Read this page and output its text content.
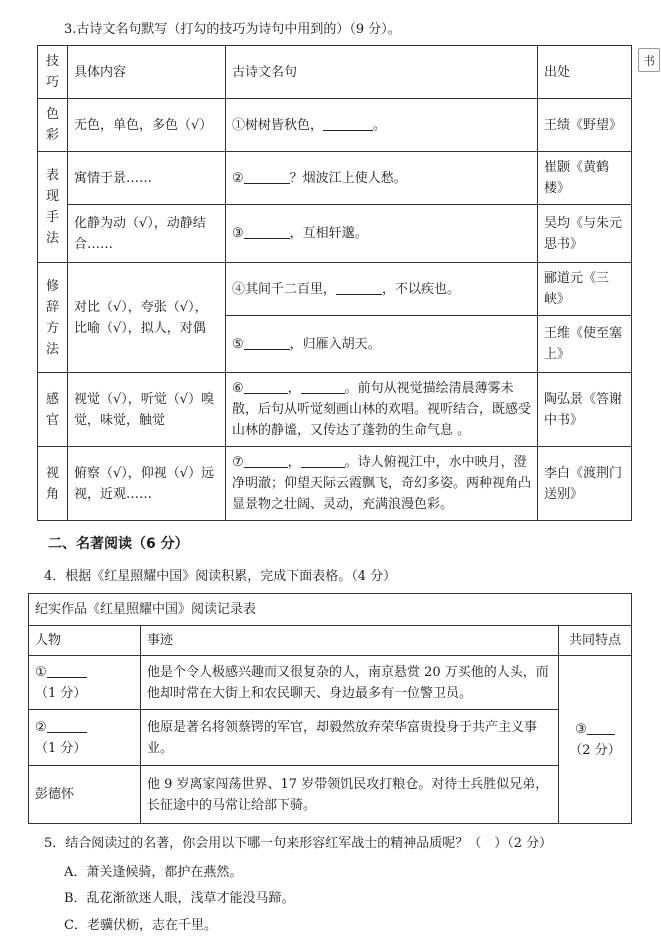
3.古诗文名句默写（打勾的技巧为诗句中用到的）（9 分）。
书
技巧	具体内容	古诗文名句	出处
色彩	无色，单色，多色（√）	①树树皆秋色， 。	王绩《野望》
表现手法	寓情于景……	② ？烟波江上使人愁。	崔颢《黄鹤楼》
	化静为动（√），动静结合……	③ ，互相轩邈。	吴均《与朱元思书》
修辞方法	对比（√），夸张（√），比喻（√），拟人，对偶	④其间千二百里， ，不以疾也。	郦道元《三峡》
		⑤ ，归雁入胡天。	王维《使至塞上》
感官	视觉（√），听觉（√）嗅觉，味觉，触觉	⑥ ， 。前句从视觉描绘清晨薄雾未散，后句从听觉刻画山林的欢唱。视听结合，既感受山林的静谧，又传达了蓬勃的生命气息 。	陶弘景《答谢中书》
视角	俯察（√），仰视（√）远视，近观……	⑦ ， 。诗人俯视江中，水中映月，澄净明澈；仰望天际云霞飘飞，奇幻多姿。两种视角凸显景物之壮阔、灵动，充满浪漫色彩。	李白《渡荆门送别》
二、名著阅读（6 分）
4．根据《红星照耀中国》阅读积累，完成下面表格。（4 分）
纪实作品《红星照耀中国》阅读记录表		
人物	事迹	共同特点
①（1 分）	他是个令人极感兴趣而又很复杂的人，南京悬赏 20 万买他的人头，而他却时常在大街上和农民聊天、身边最多有一位警卫员。	③
（2 分）
②（1 分）	他原是著名将领蔡锷的军官，却毅然放弃荣华富贵投身于共产主义事业。	
彭德怀	他 9 岁离家闯荡世界、17 岁带领饥民攻打粮仓。对待士兵胜似兄弟，长征途中的马常让给部下骑。	
5．结合阅读过的名著，你会用以下哪一句来形容红军战士的精神品质呢？（　）（2 分）
A．萧关逢候骑，都护在燕然。
B．乱花渐欲迷人眼，浅草才能没马蹄。
C．老骥伏枥，志在千里。
